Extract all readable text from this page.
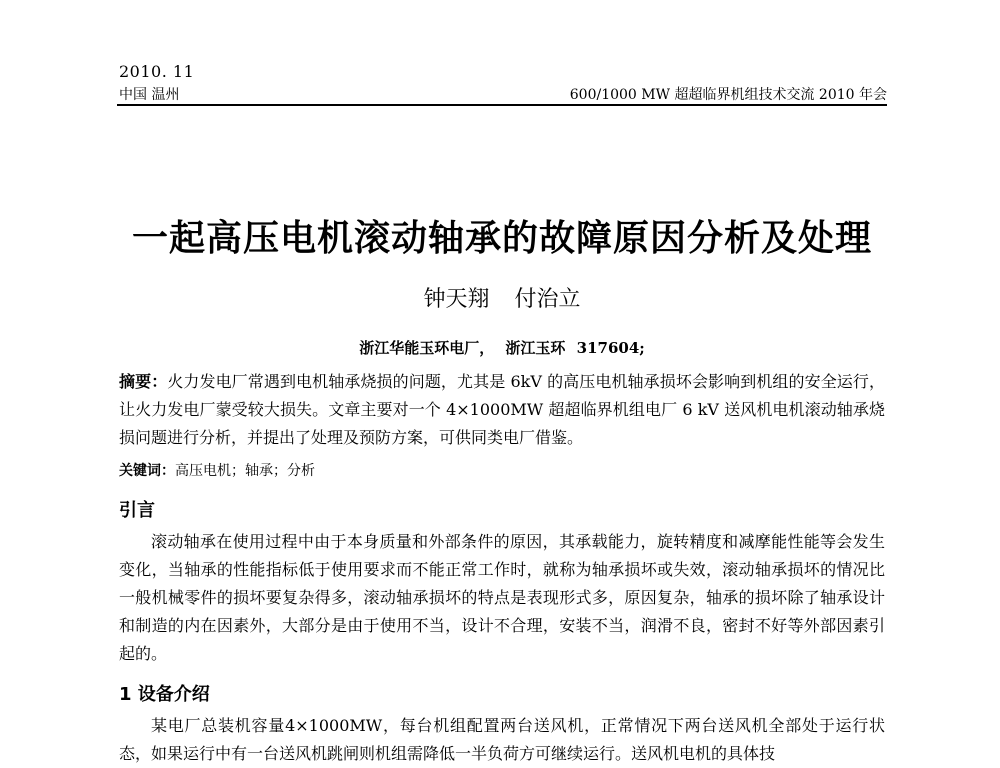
2010. 11
中国 温州	600/1000 MW 超超临界机组技术交流 2010 年会
一起高压电机滚动轴承的故障原因分析及处理
钟天翔 付治立
浙江华能玉环电厂， 浙江玉环 317604;
摘要：火力发电厂常遇到电机轴承烧损的问题，尤其是 6kV 的高压电机轴承损坏会影响到机组的安全运行，让火力发电厂蒙受较大损失。文章主要对一个 4×1000MW 超超临界机组电厂 6 kV 送风机电机滚动轴承烧损问题进行分析，并提出了处理及预防方案，可供同类电厂借鉴。
关键词：高压电机；轴承；分析
引言

滚动轴承在使用过程中由于本身质量和外部条件的原因，其承载能力，旋转精度和减摩能性能等会发生变化，当轴承的性能指标低于使用要求而不能正常工作时，就称为轴承损坏或失效，滚动轴承损坏的情况比一般机械零件的损坏要复杂得多，滚动轴承损坏的特点是表现形式多，原因复杂，轴承的损坏除了轴承设计和制造的内在因素外，大部分是由于使用不当，设计不合理，安装不当，润滑不良，密封不好等外部因素引起的。

1 设备介绍

某电厂总装机容量4×1000MW，每台机组配置两台送风机，正常情况下两台送风机全部处于运行状态，如果运行中有一台送风机跳闸则机组需降低一半负荷方可继续运行。送风机电机的具体技
